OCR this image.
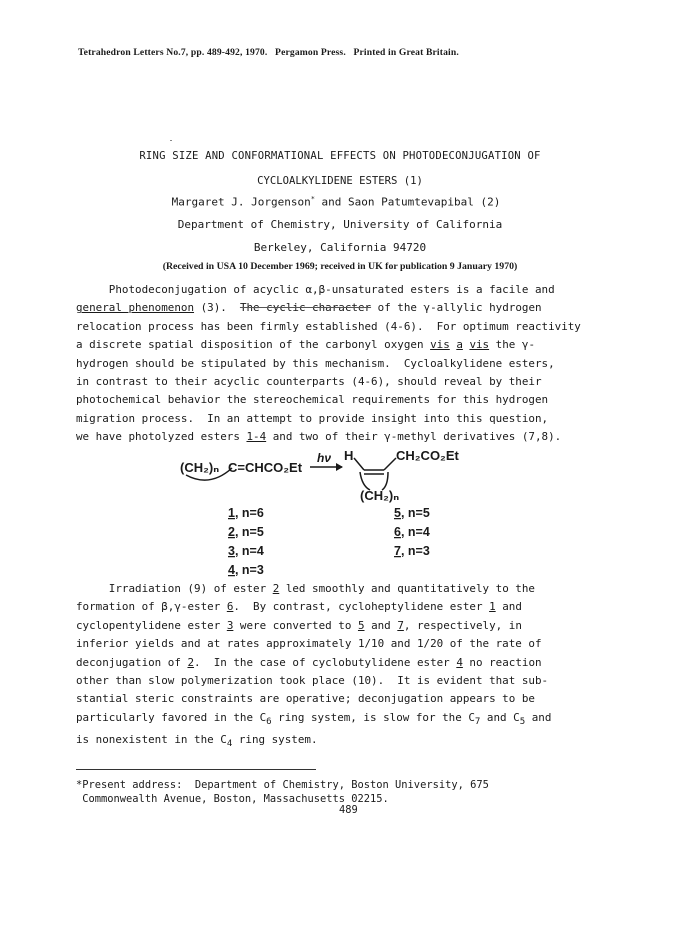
Tetrahedron Letters No.7, pp. 489-492, 1970.   Pergamon Press.   Printed in Great Britain.
RING SIZE AND CONFORMATIONAL EFFECTS ON PHOTODECONJUGATION OF
CYCLOALKYLIDENE ESTERS (1)
Margaret J. Jorgenson* and Saon Patumtevapibal (2)
Department of Chemistry, University of California
Berkeley, California 94720
(Received in USA 10 December 1969; received in UK for publication 9 January 1970)
Photodeconjugation of acyclic α,β-unsaturated esters is a facile and
general phenomenon (3).  The cyclic character of the γ-allylic hydrogen
relocation process has been firmly established (4-6).  For optimum reactivity
a discrete spatial disposition of the carbonyl oxygen vis a vis the γ-
hydrogen should be stipulated by this mechanism.  Cycloalkylidene esters,
in contrast to their acyclic counterparts (4-6), should reveal by their
photochemical behavior the stereochemical requirements for this hydrogen
migration process.  In an attempt to provide insight into this question,
we have photolyzed esters 1-4 and two of their γ-methyl derivatives (7,8).
(CH₂)ₙ C=CHCO₂Et
hν H	CH₂CO₂Et
(CH₂)ₙ
1, n=6
2, n=5
3, n=4
4, n=3
5, n=5
6, n=4
7, n=3
Irradiation (9) of ester 2 led smoothly and quantitatively to the
formation of β,γ-ester 6.  By contrast, cycloheptylidene ester 1 and
cyclopentylidene ester 3 were converted to 5 and 7, respectively, in
inferior yields and at rates approximately 1/10 and 1/20 of the rate of
deconjugation of 2.  In the case of cyclobutylidene ester 4 no reaction
other than slow polymerization took place (10).  It is evident that sub-
stantial steric constraints are operative; deconjugation appears to be
particularly favored in the $C_6$ ring system, is slow for the $C_7$ and $C_5$ and
is nonexistent in the $C_4$ ring system.
*Present address:  Department of Chemistry, Boston University, 675
Commonwealth Avenue, Boston, Massachusetts 02215.
489
